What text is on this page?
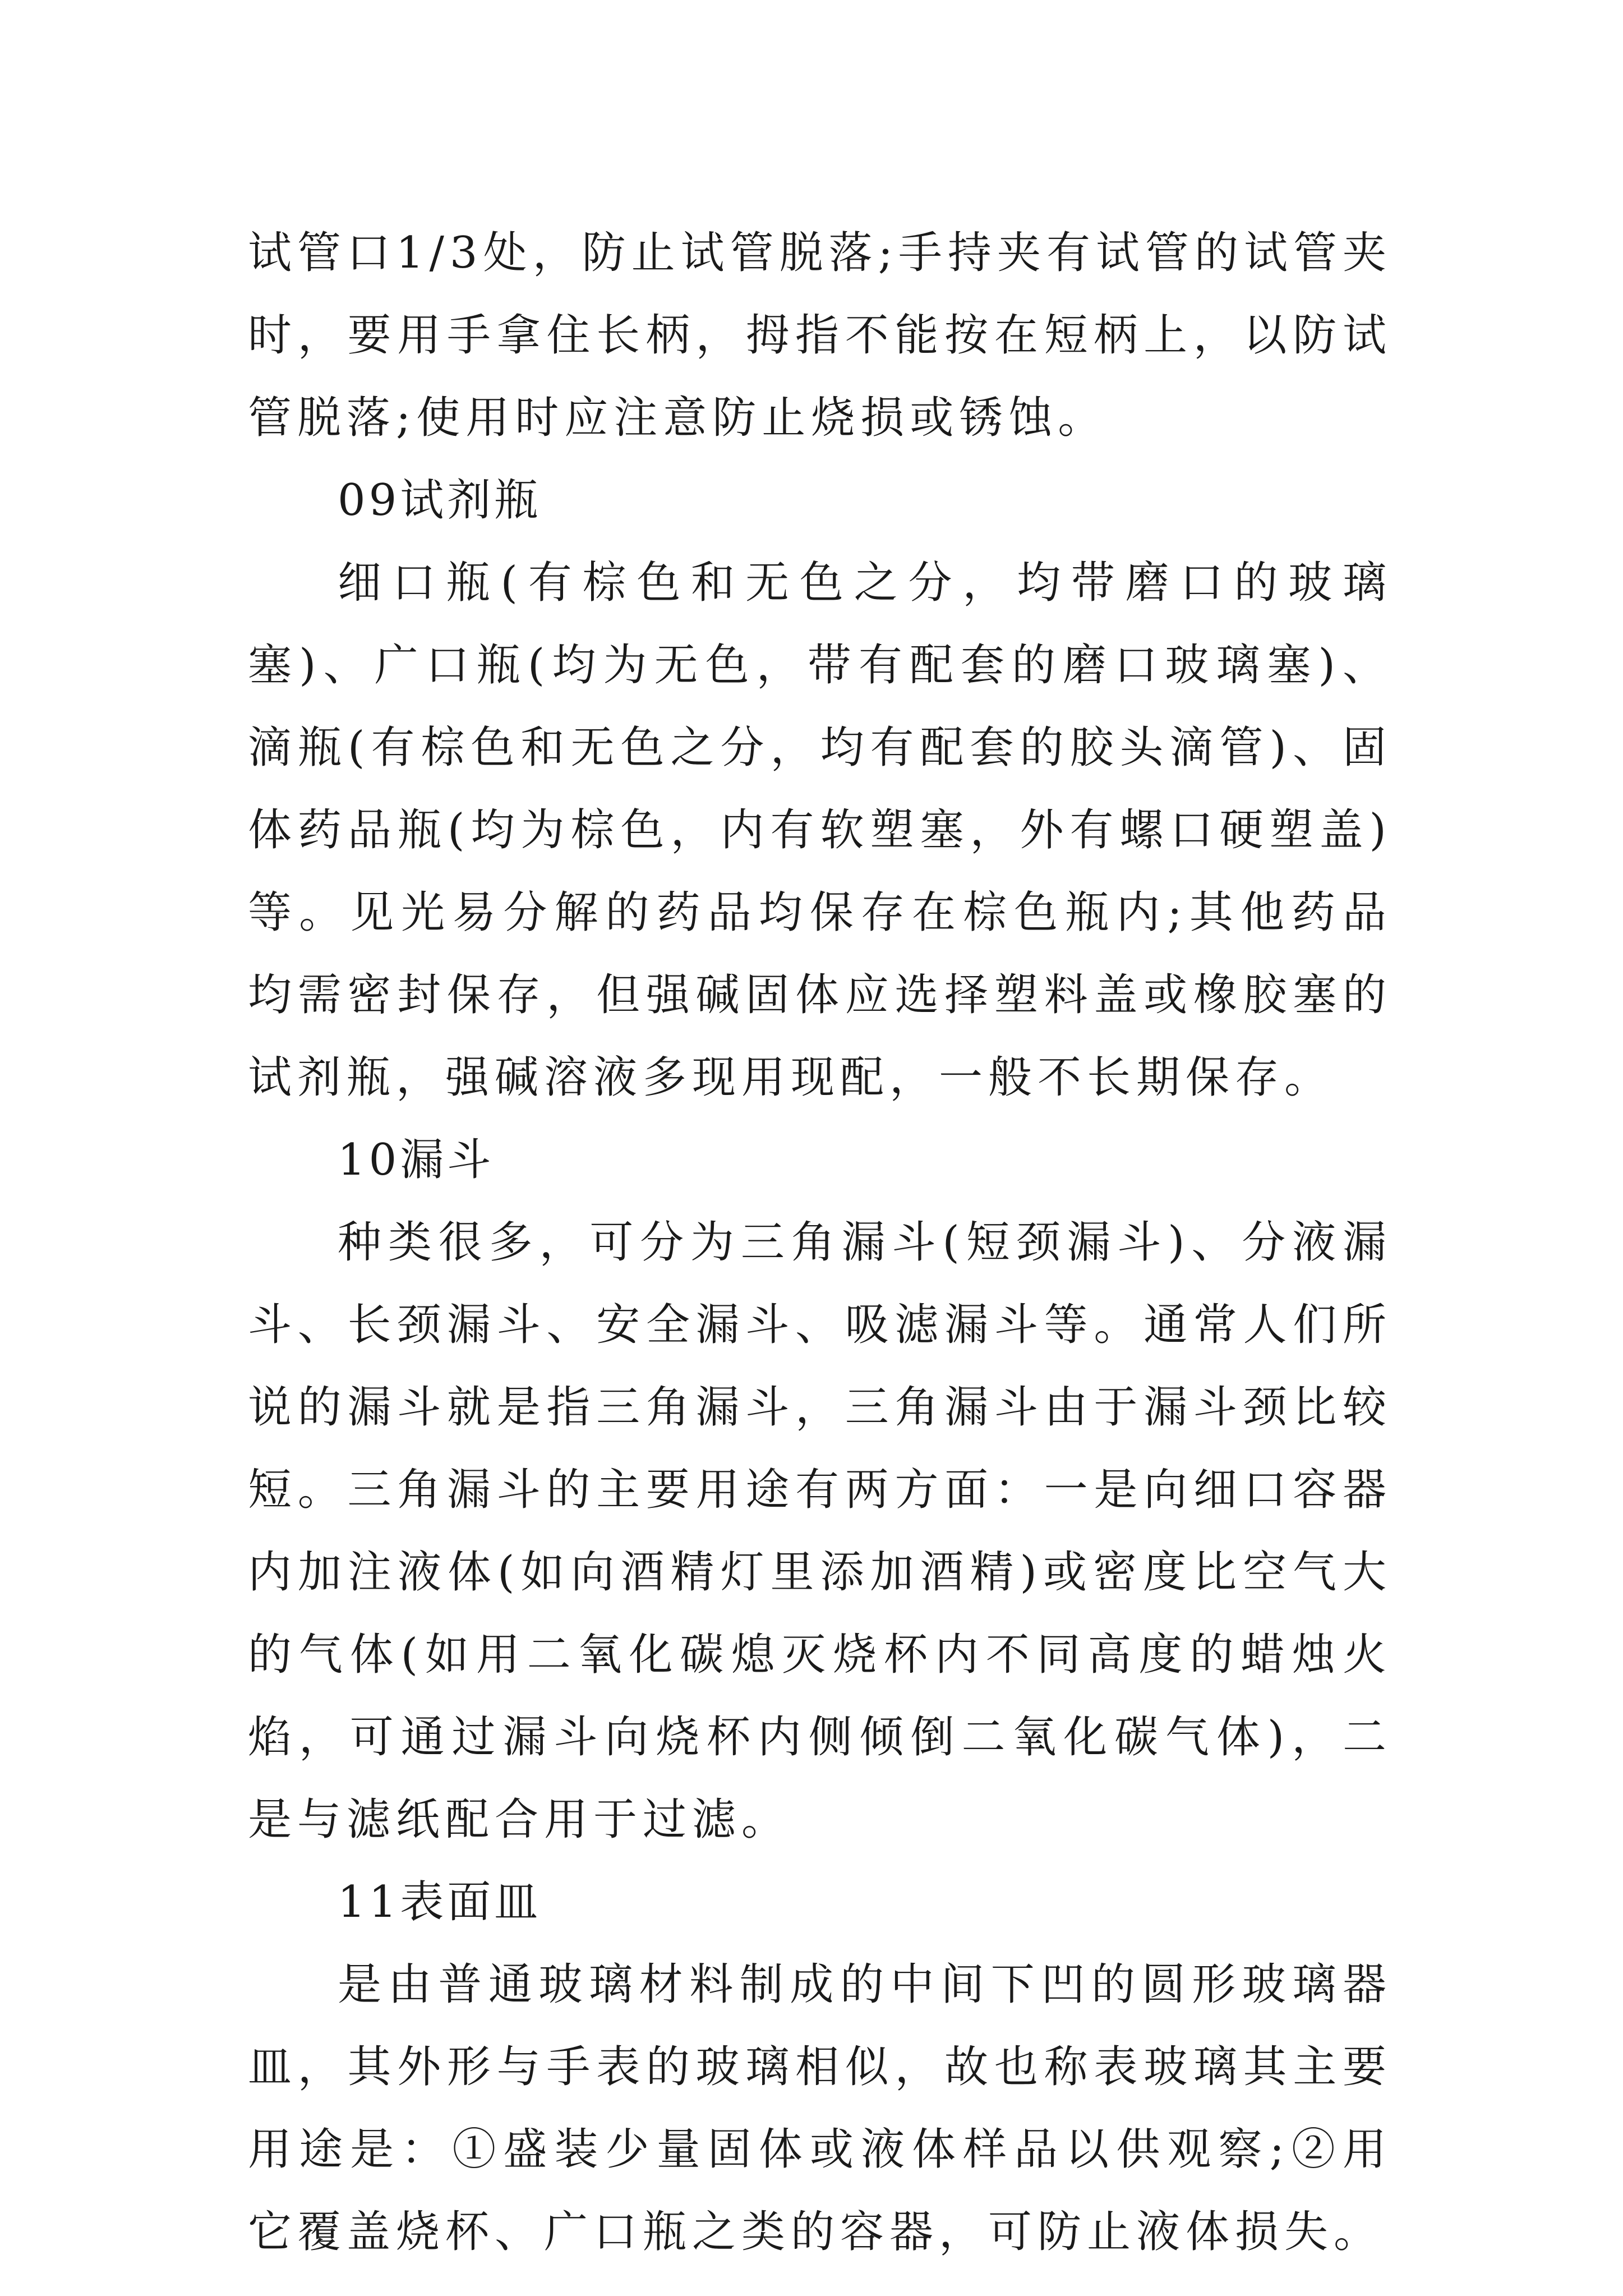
试管口1/3处，防止试管脱落;手持夹有试管的试管夹时，要用手拿住长柄，拇指不能按在短柄上，以防试管脱落;使用时应注意防止烧损或锈蚀。

09试剂瓶

细口瓶(有棕色和无色之分，均带磨口的玻璃塞)、广口瓶(均为无色，带有配套的磨口玻璃塞)、滴瓶(有棕色和无色之分，均有配套的胶头滴管)、固体药品瓶(均为棕色，内有软塑塞，外有螺口硬塑盖)等。见光易分解的药品均保存在棕色瓶内;其他药品均需密封保存，但强碱固体应选择塑料盖或橡胶塞的试剂瓶，强碱溶液多现用现配，一般不长期保存。

10漏斗

种类很多，可分为三角漏斗(短颈漏斗)、分液漏斗、长颈漏斗、安全漏斗、吸滤漏斗等。通常人们所说的漏斗就是指三角漏斗，三角漏斗由于漏斗颈比较短。三角漏斗的主要用途有两方面：一是向细口容器内加注液体(如向酒精灯里添加酒精)或密度比空气大的气体(如用二氧化碳熄灭烧杯内不同高度的蜡烛火焰，可通过漏斗向烧杯内侧倾倒二氧化碳气体)，二是与滤纸配合用于过滤。

11表面皿

是由普通玻璃材料制成的中间下凹的圆形玻璃器皿，其外形与手表的玻璃相似，故也称表玻璃其主要用途是：①盛装少量固体或液体样品以供观察;②用它覆盖烧杯、广口瓶之类的容器，可防止液体损失。
